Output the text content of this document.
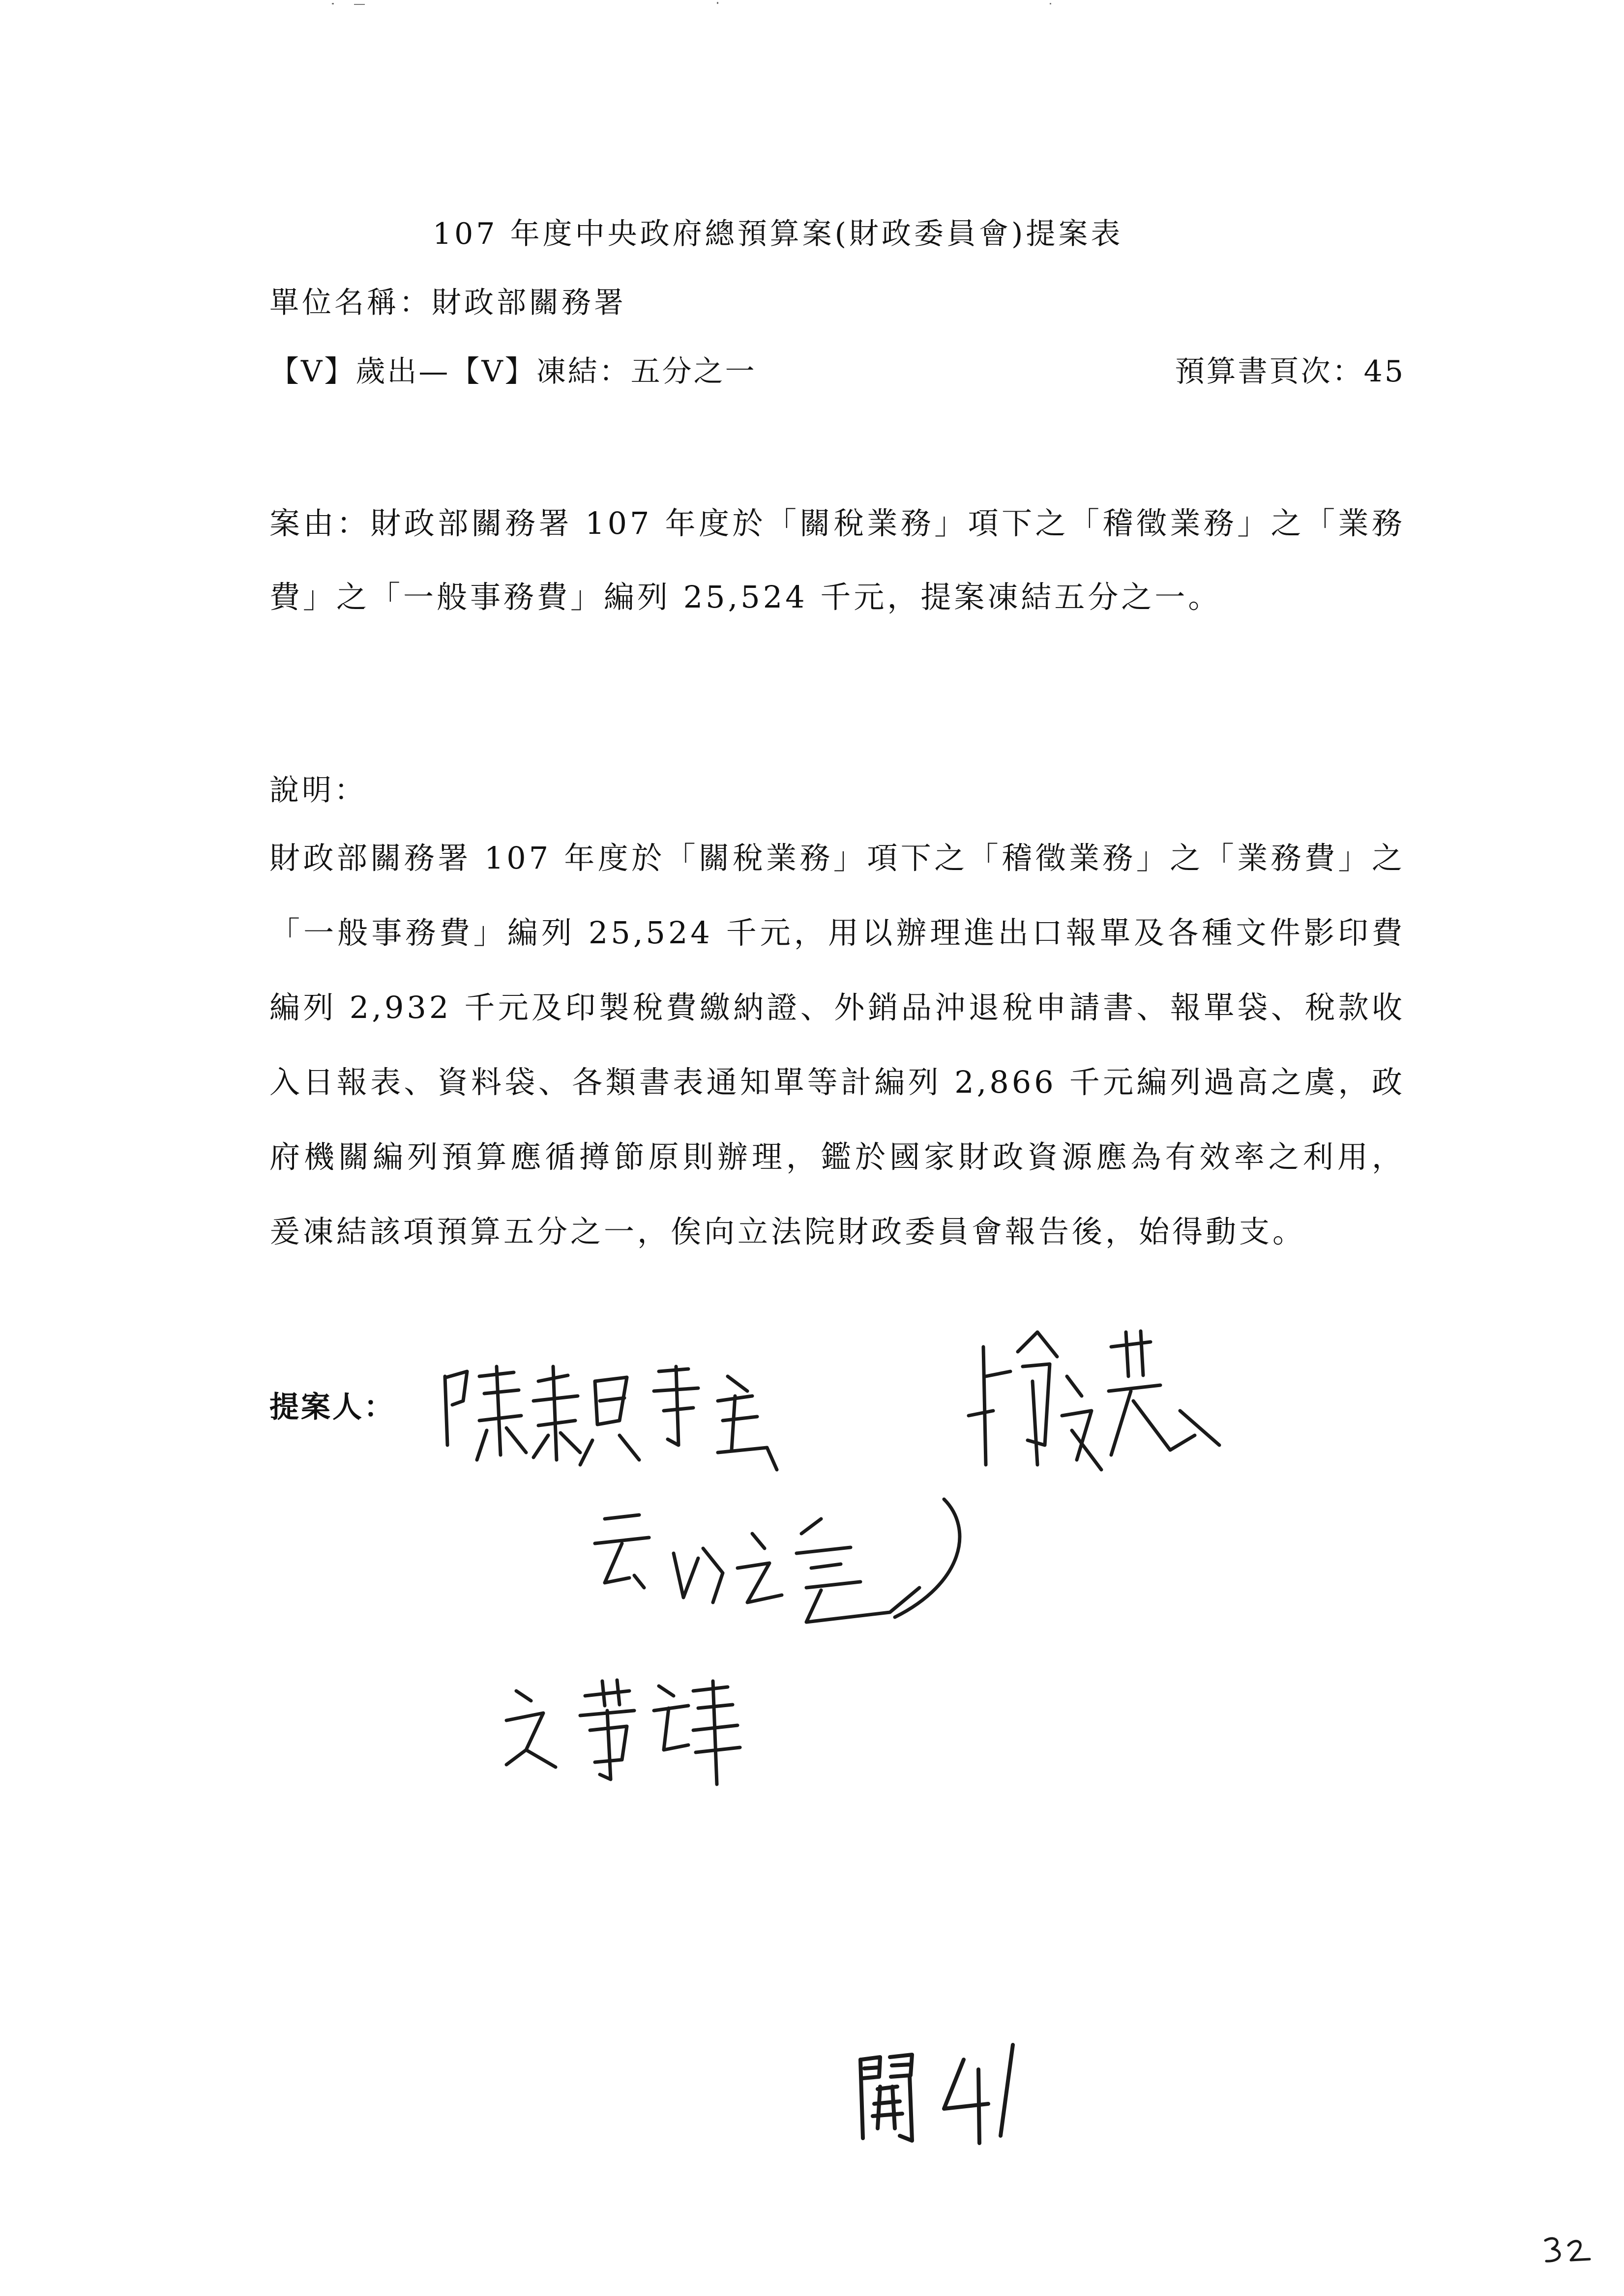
107 年度中央政府總預算案(財政委員會)提案表
單位名稱：財政部關務署
【V】歲出—【V】凍結：五分之一	預算書頁次：45

案由：財政部關務署 107 年度於「關稅業務」項下之「稽徵業務」之「業務費」之「一般事務費」編列 25,524 千元，提案凍結五分之一。

說明：

財政部關務署 107 年度於「關稅業務」項下之「稽徵業務」之「業務費」之「一般事務費」編列 25,524 千元，用以辦理進出口報單及各種文件影印費編列 2,932 千元及印製稅費繳納證、外銷品沖退稅申請書、報單袋、稅款收入日報表、資料袋、各類書表通知單等計編列 2,866 千元編列過高之虞，政府機關編列預算應循撙節原則辦理，鑑於國家財政資源應為有效率之利用，爰凍結該項預算五分之一，俟向立法院財政委員會報告後，始得動支。

提案人：
